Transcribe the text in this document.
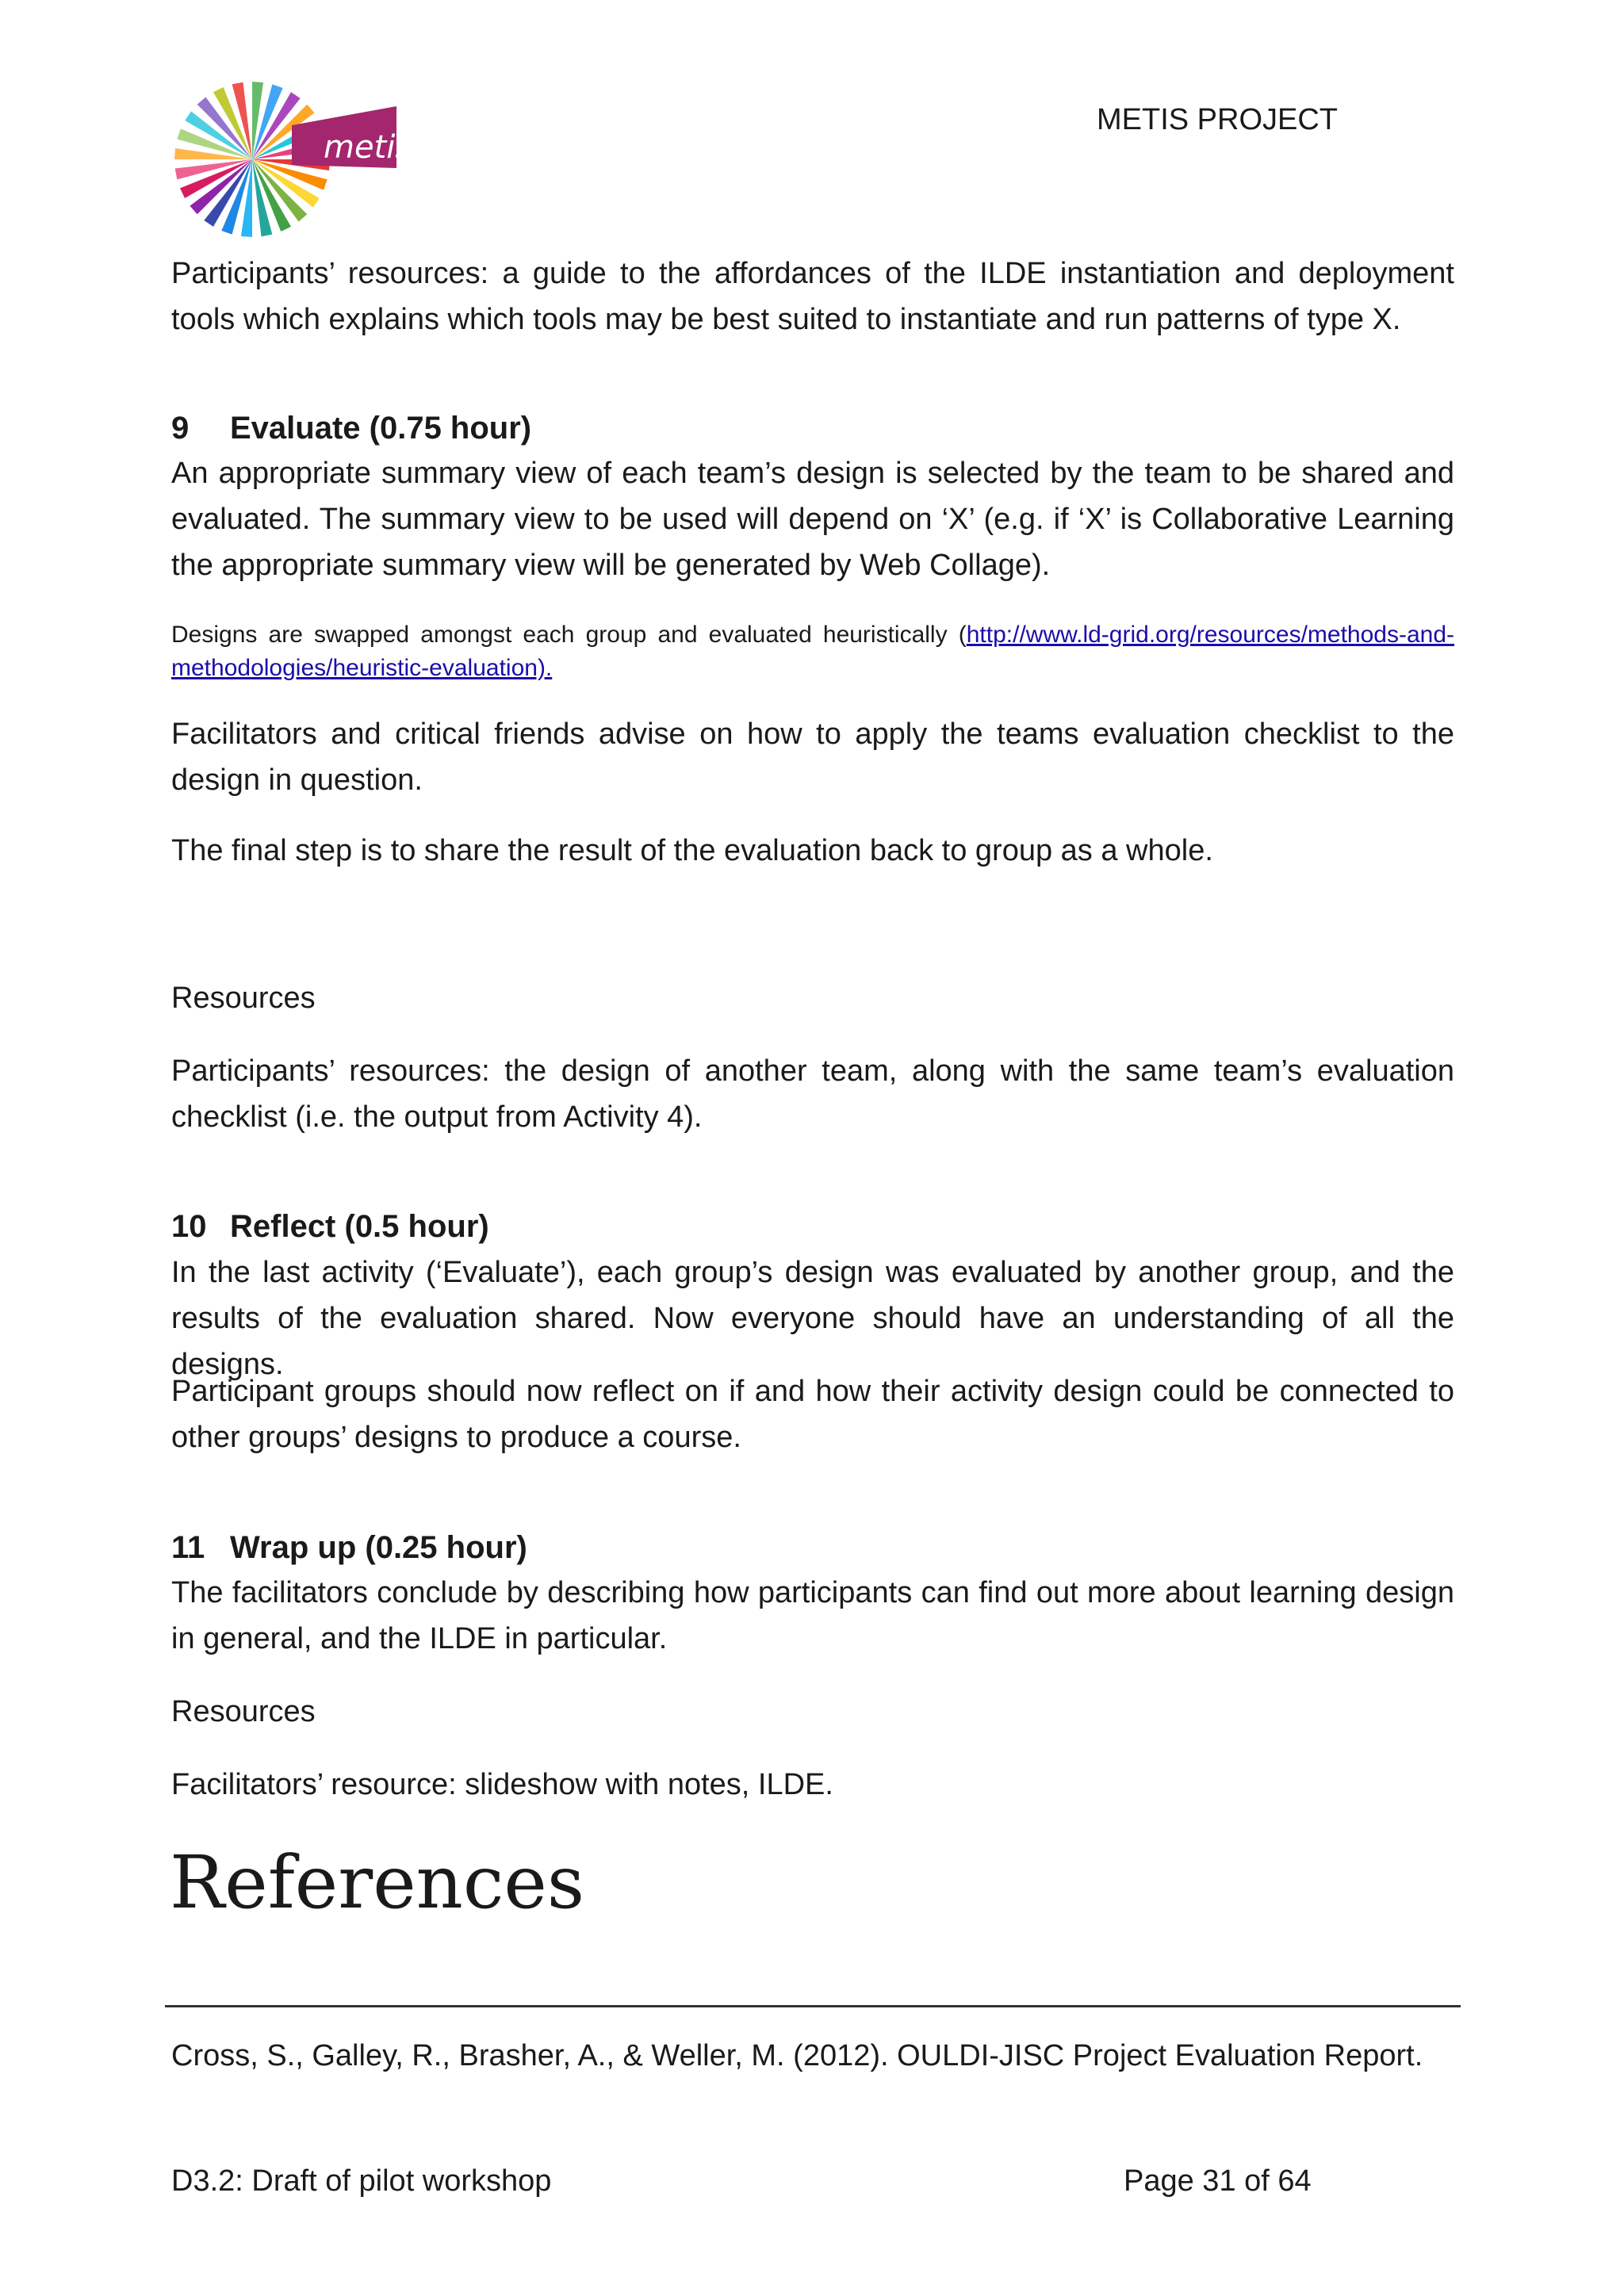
metis
METIS PROJECT

Participants’ resources: a guide to the affordances of the ILDE instantiation and deployment tools which explains which tools may be best suited to instantiate and run patterns of type X.

9 Evaluate (0.75 hour)

An appropriate summary view of each team’s design is selected by the team to be shared and evaluated. The summary view to be used will depend on ‘X’ (e.g. if ‘X’ is Collaborative Learning the appropriate summary view will be generated by Web Collage).

Designs are swapped amongst each group and evaluated heuristically (http://www.ld-grid.org/resources/methods-and-methodologies/heuristic-evaluation).

Facilitators and critical friends advise on how to apply the teams evaluation checklist to the design in question.

The final step is to share the result of the evaluation back to group as a whole.

Resources

Participants’ resources: the design of another team, along with the same team’s evaluation checklist (i.e. the output from Activity 4).

10 Reflect (0.5 hour)

In the last activity (‘Evaluate’), each group’s design was evaluated by another group, and the results of the evaluation shared. Now everyone should have an understanding of all the designs.

Participant groups should now reflect on if and how their activity design could be connected to other groups’ designs to produce a course.

11 Wrap up (0.25 hour)

The facilitators conclude by describing how participants can find out more about learning design in general, and the ILDE in particular.

Resources

Facilitators’ resource: slideshow with notes, ILDE.

References

Cross, S., Galley, R., Brasher, A., & Weller, M. (2012). OULDI-JISC Project Evaluation Report.

D3.2: Draft of pilot workshop	Page 31 of 64
